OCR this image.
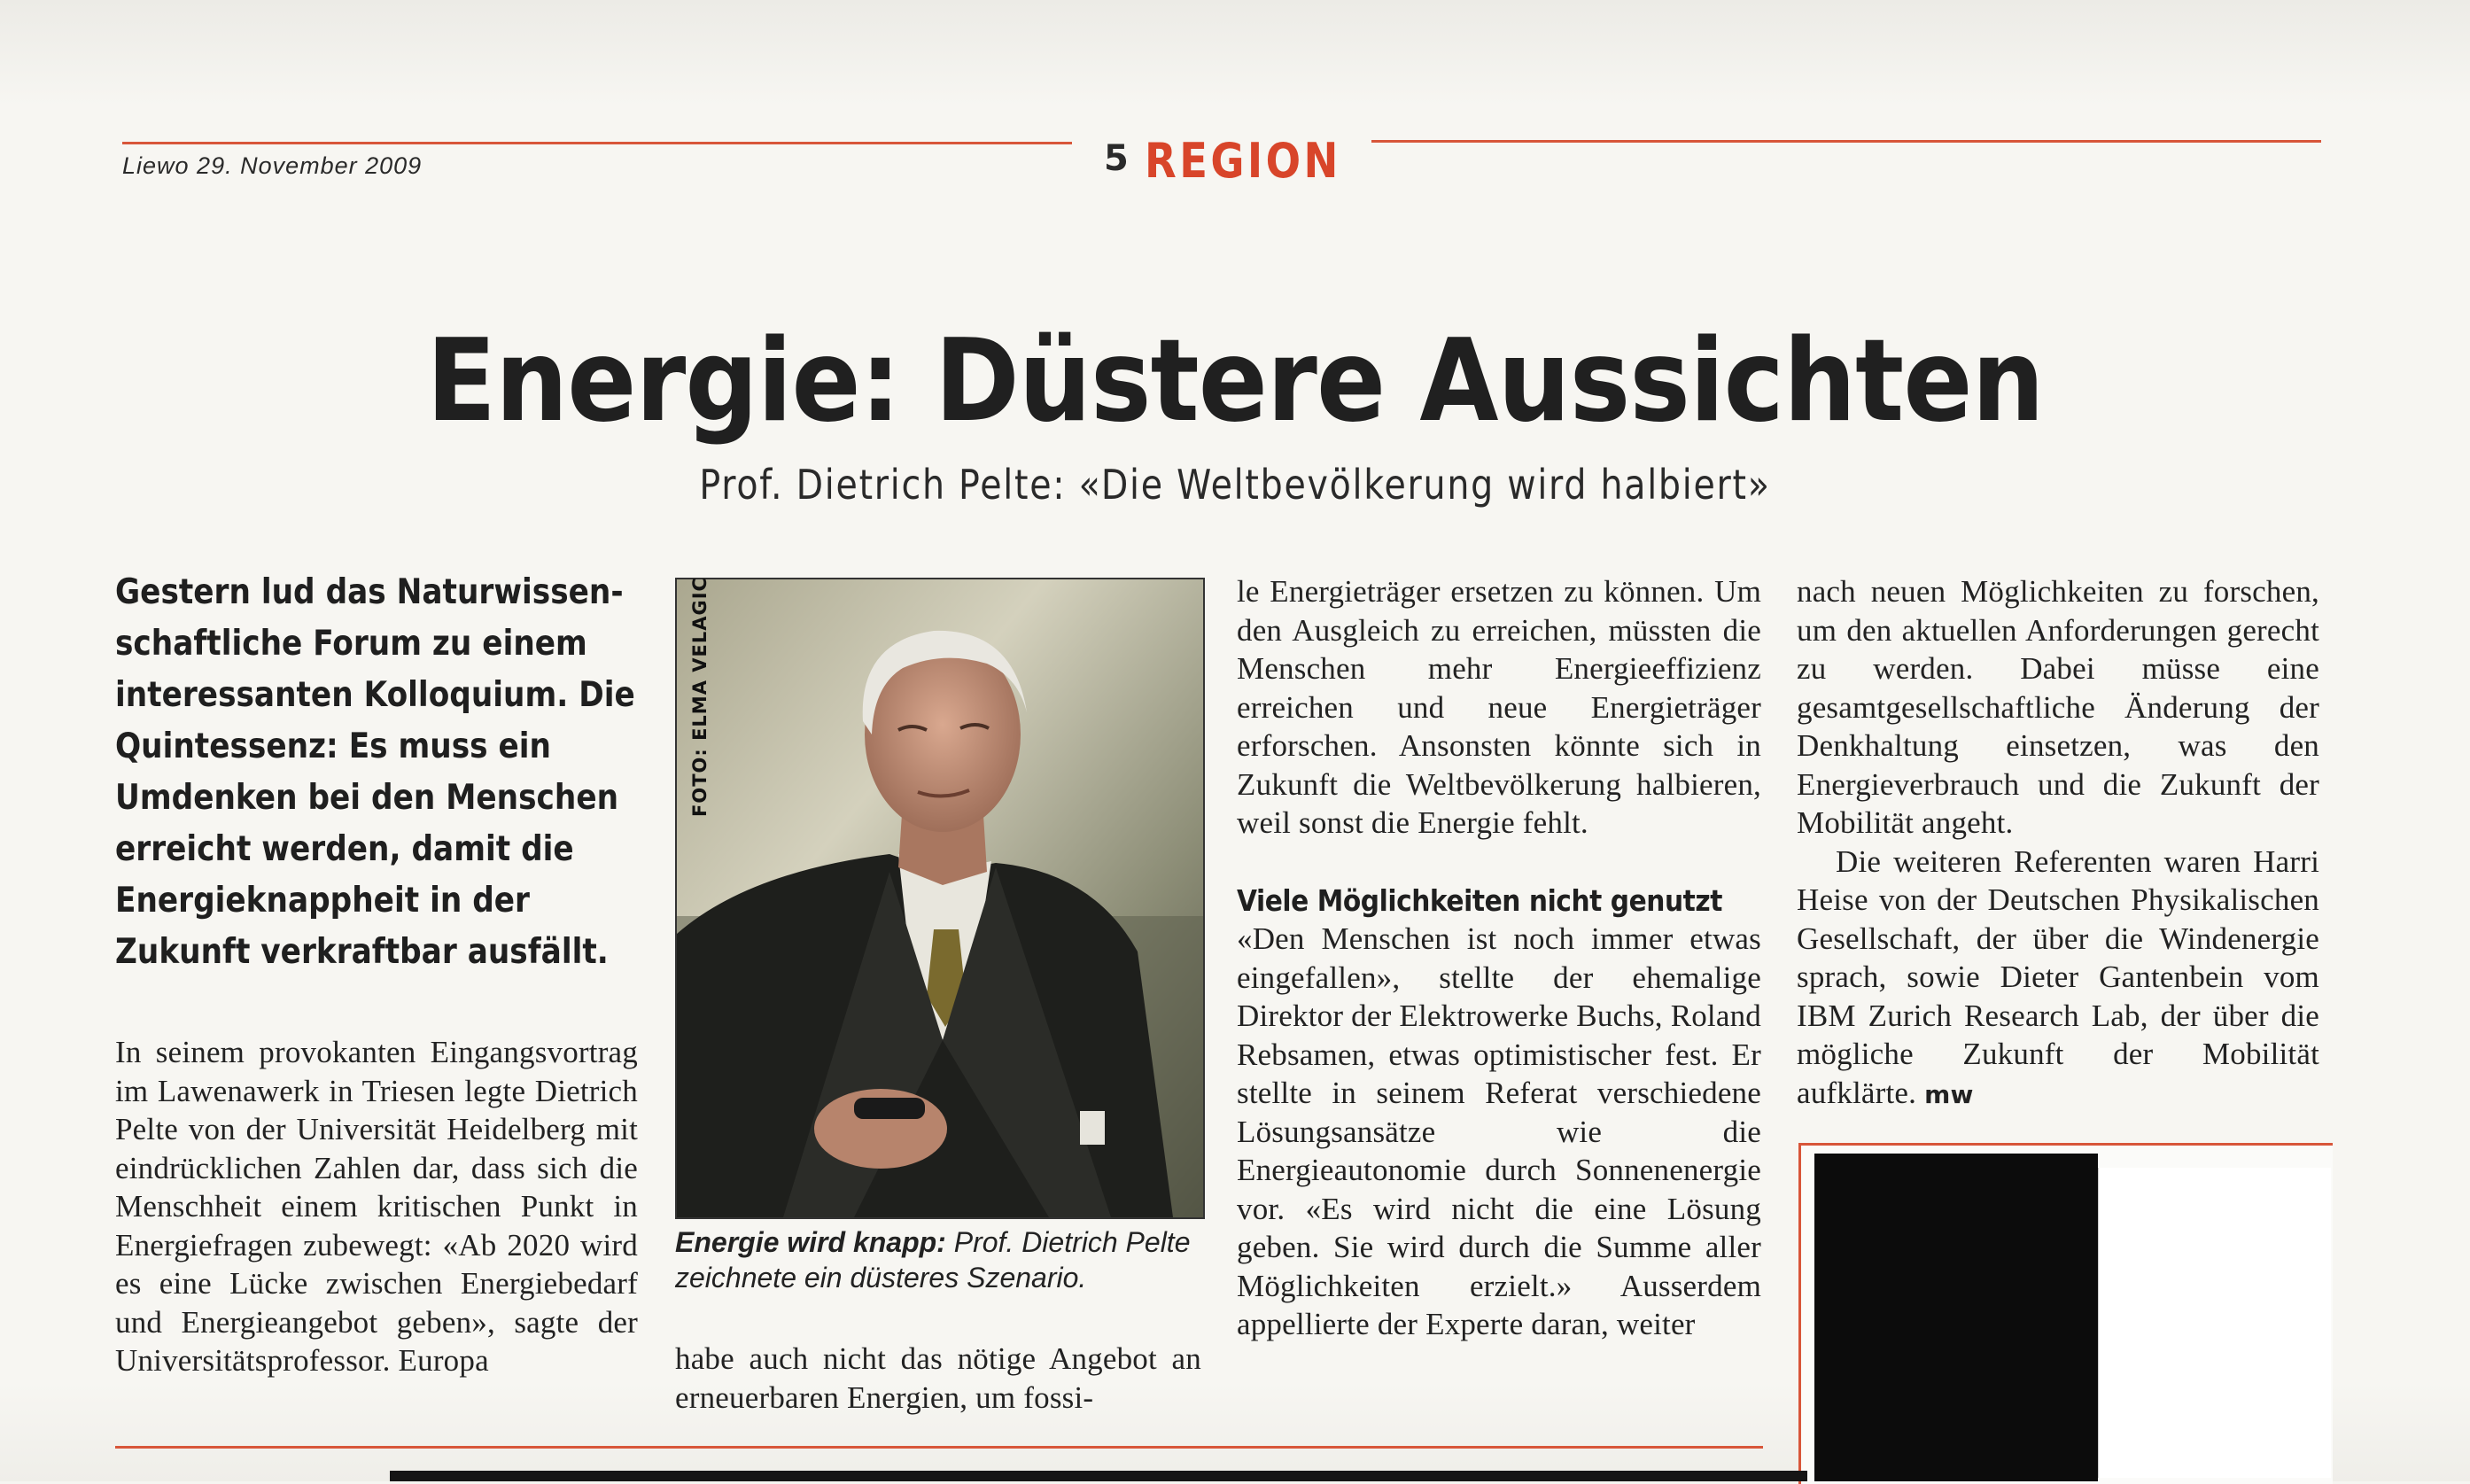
Liewo 29. November 2009	5 REGION
Energie: Düstere Aussichten
Prof. Dietrich Pelte: «Die Weltbevölkerung wird halbiert»
Gestern lud das Naturwissen-
schaftliche Forum zu einem
interessanten Kolloquium. Die
Quintessenz: Es muss ein
Umdenken bei den Menschen
erreicht werden, damit die
Energieknappheit in der
Zukunft verkraftbar ausfällt.

In seinem provokanten Eingangsvortrag im Lawenawerk in Triesen legte Dietrich Pelte von der Universität Heidelberg mit eindrücklichen Zahlen dar, dass sich die Menschheit einem kritischen Punkt in Energiefragen zubewegt: «Ab 2020 wird es eine Lücke zwischen Energiebedarf und Energieangebot geben», sagte der Universitätsprofessor. Europa

FOTO: ELMA VELAGIC
Energie wird knapp: Prof. Dietrich Pelte zeichnete ein düsteres Szenario.

habe auch nicht das nötige Angebot an erneuerbaren Energien, um fossi-

le Energieträger ersetzen zu können. Um den Ausgleich zu erreichen, müssten die Menschen mehr Energieeffizienz erreichen und neue Energieträger erforschen. Ansonsten könnte sich in Zukunft die Weltbevölkerung halbieren, weil sonst die Energie fehlt.

Viele Möglichkeiten nicht genutzt

«Den Menschen ist noch immer etwas eingefallen», stellte der ehemalige Direktor der Elektrowerke Buchs, Roland Rebsamen, etwas optimistischer fest. Er stellte in seinem Referat verschiedene Lösungsansätze wie die Energieautonomie durch Sonnenenergie vor. «Es wird nicht die eine Lösung geben. Sie wird durch die Summe aller Möglichkeiten erzielt.» Ausserdem appellierte der Experte daran, weiter

nach neuen Möglichkeiten zu forschen, um den aktuellen Anforderungen gerecht zu werden. Dabei müsse eine gesamtgesellschaftliche Änderung der Denkhaltung einsetzen, was den Energieverbrauch und die Zukunft der Mobilität angeht.

Die weiteren Referenten waren Harri Heise von der Deutschen Physikalischen Gesellschaft, der über die Windenergie sprach, sowie Dieter Gantenbein vom IBM Zurich Research Lab, der über die mögliche Zukunft der Mobilität aufklärte. mw
